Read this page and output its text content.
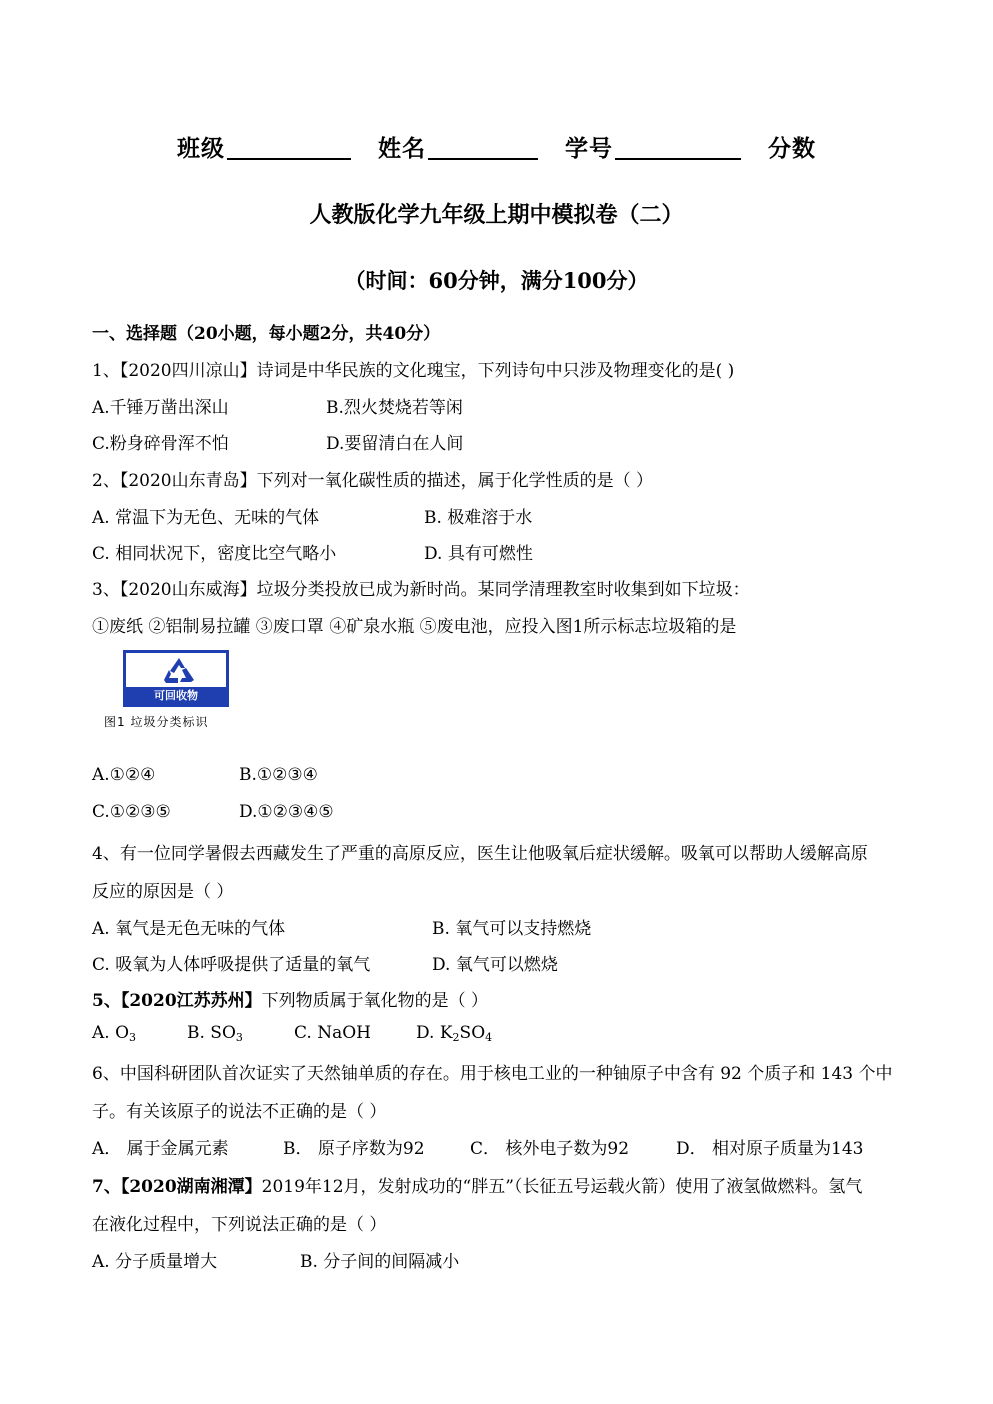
班级	姓名	学号	分数
人教版化学九年级上期中模拟卷（二）
（时间：60分钟，满分100分）
一、选择题（20小题，每小题2分，共40分）
1、【2020四川凉山】诗词是中华民族的文化瑰宝，下列诗句中只涉及物理变化的是( )
A.千锤万凿出深山	B.烈火焚烧若等闲
C.粉身碎骨浑不怕	D.要留清白在人间
2、【2020山东青岛】下列对一氧化碳性质的描述，属于化学性质的是（ ）
A. 常温下为无色、无味的气体	B. 极难溶于水
C. 相同状况下，密度比空气略小	D. 具有可燃性
3、【2020山东威海】垃圾分类投放已成为新时尚。某同学清理教室时收集到如下垃圾：
①废纸 ②铝制易拉罐 ③废口罩 ④矿泉水瓶 ⑤废电池，应投入图1所示标志垃圾箱的是
可回收物
图1 垃圾分类标识
A.①②④	B.①②③④
C.①②③⑤	D.①②③④⑤
4、有一位同学暑假去西藏发生了严重的高原反应，医生让他吸氧后症状缓解。吸氧可以帮助人缓解高原
反应的原因是（ ）
A. 氧气是无色无味的气体	B. 氧气可以支持燃烧
C. 吸氧为人体呼吸提供了适量的氧气	D. 氧气可以燃烧
5、【2020江苏苏州】下列物质属于氧化物的是（ ）
A. $O_3$	B. $SO_3$	C. NaOH	D. $K_2SO_4$
6、中国科研团队首次证实了天然铀单质的存在。用于核电工业的一种铀原子中含有 92 个质子和 143 个中
子。有关该原子的说法不正确的是（ ）
A． 属于金属元素	B． 原子序数为92	C． 核外电子数为92	D． 相对原子质量为143
7、【2020湖南湘潭】2019年12月，发射成功的“胖五”（长征五号运载火箭）使用了液氢做燃料。氢气
在液化过程中，下列说法正确的是（ ）
A. 分子质量增大	B. 分子间的间隔减小
